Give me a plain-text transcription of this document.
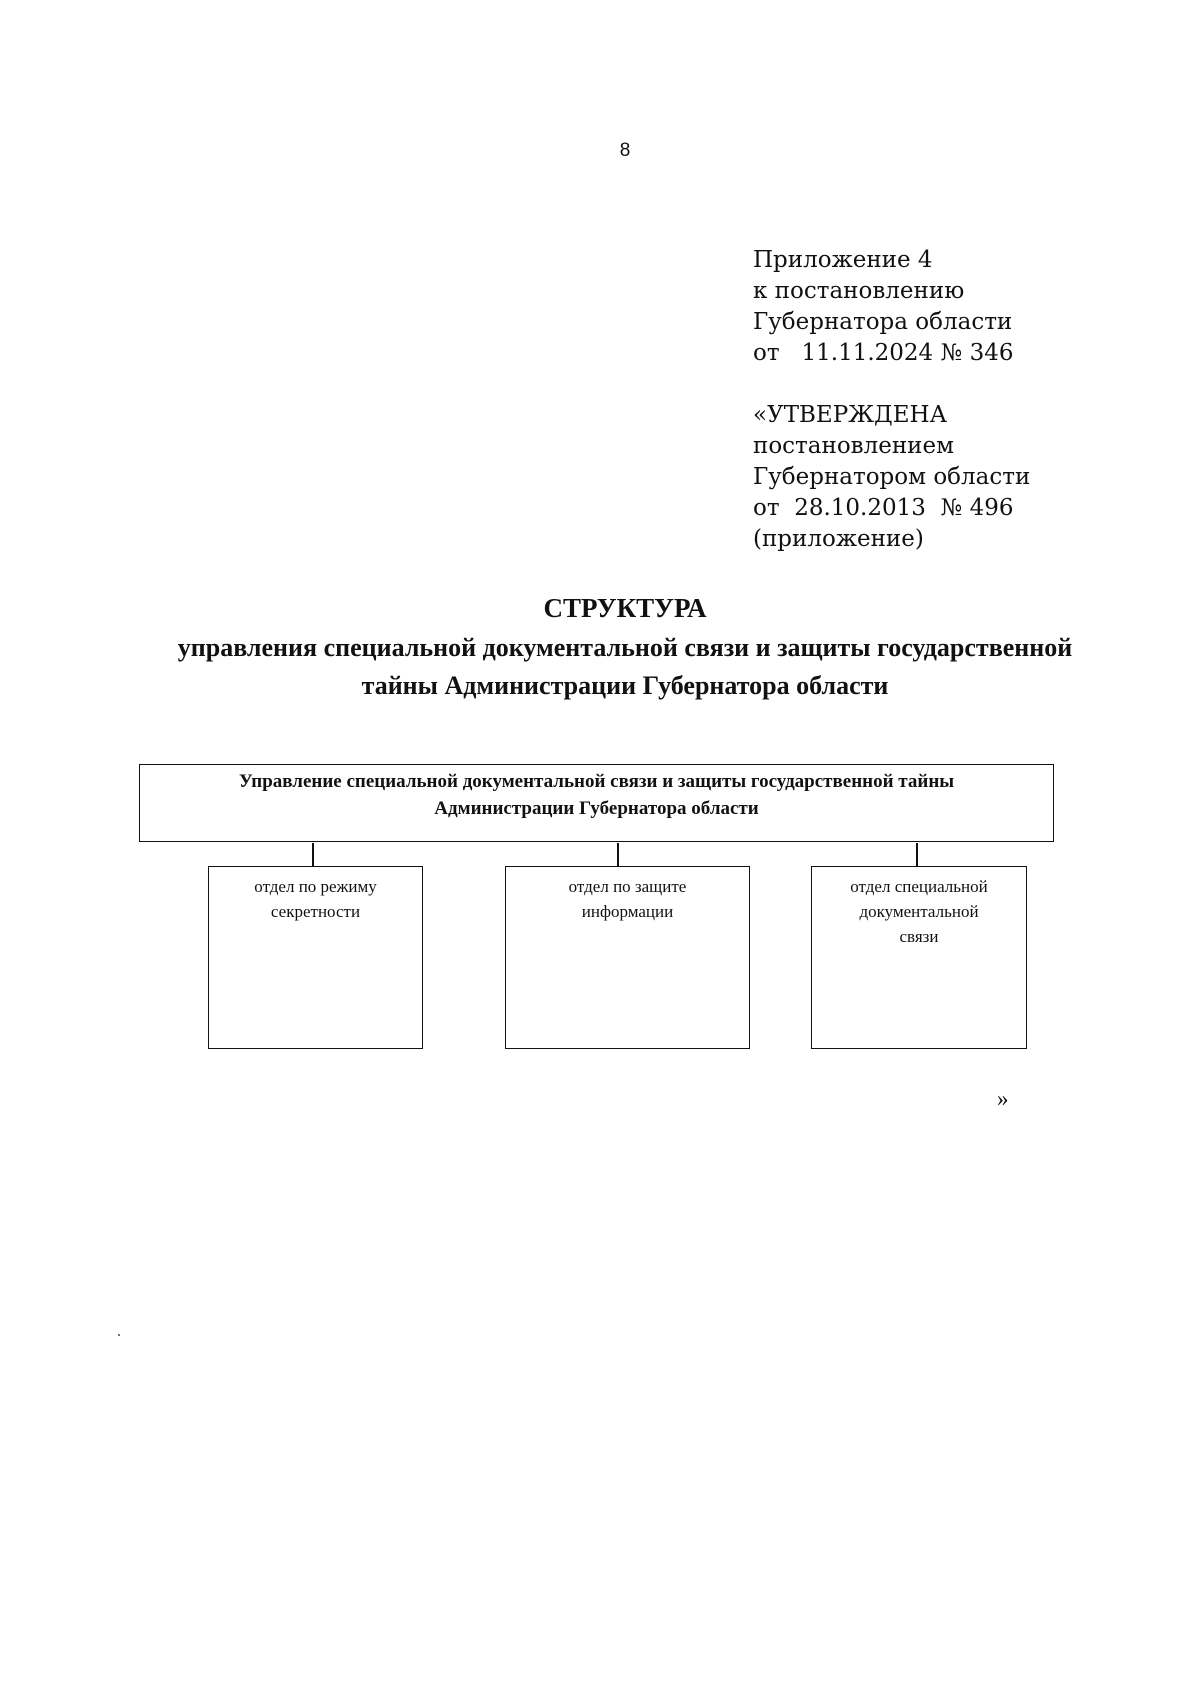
8
Приложение 4
к постановлению
Губернатора области
от   11.11.2024 № 346
«УТВЕРЖДЕНА
постановлением
Губернатором области
от  28.10.2013  № 496
(приложение)
СТРУКТУРА
управления специальной документальной связи и защиты государственной
тайны Администрации Губернатора области
Управление специальной документальной связи и защиты государственной тайны
Администрации Губернатора области
отдел по режиму
секретности
отдел по защите
информации
отдел специальной
документальной
связи
»
